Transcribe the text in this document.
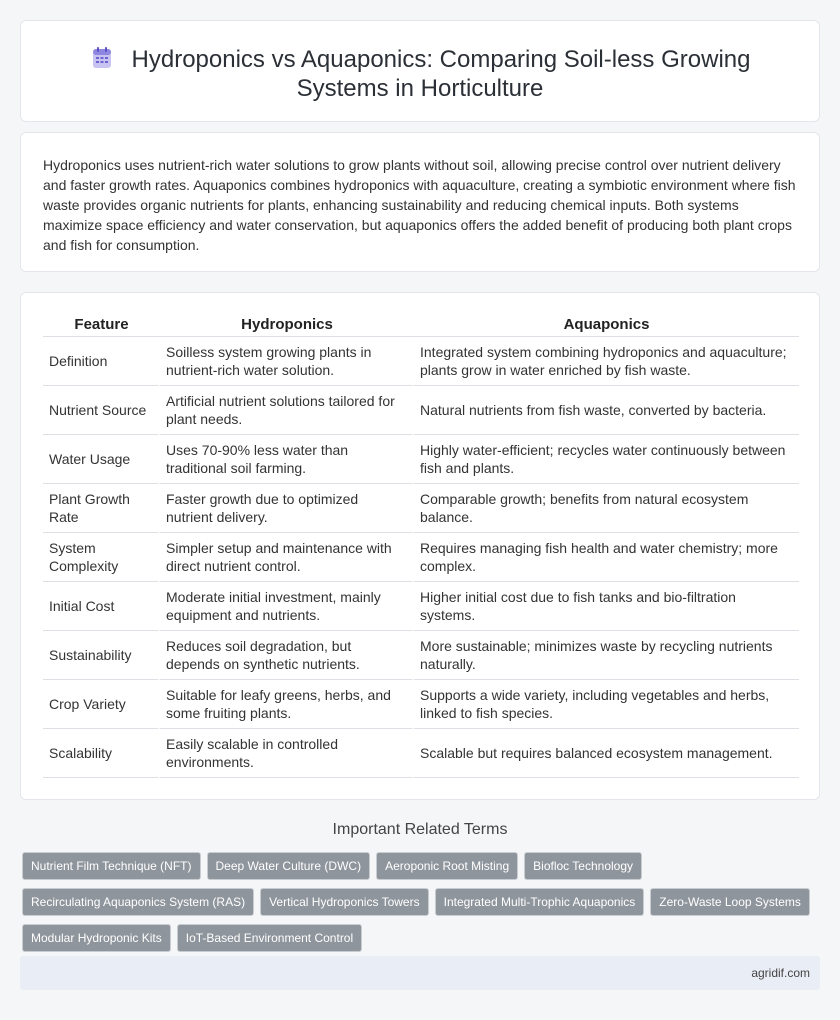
Hydroponics vs Aquaponics: Comparing Soil-less Growing Systems in Horticulture

Hydroponics uses nutrient-rich water solutions to grow plants without soil, allowing precise control over nutrient delivery and faster growth rates. Aquaponics combines hydroponics with aquaculture, creating a symbiotic environment where fish waste provides organic nutrients for plants, enhancing sustainability and reducing chemical inputs. Both systems maximize space efficiency and water conservation, but aquaponics offers the added benefit of producing both plant crops and fish for consumption.

Feature	Hydroponics	Aquaponics
Definition	Soilless system growing plants in nutrient-rich water solution.	Integrated system combining hydroponics and aquaculture; plants grow in water enriched by fish waste.
Nutrient Source	Artificial nutrient solutions tailored for plant needs.	Natural nutrients from fish waste, converted by bacteria.
Water Usage	Uses 70-90% less water than traditional soil farming.	Highly water-efficient; recycles water continuously between fish and plants.
Plant Growth Rate	Faster growth due to optimized nutrient delivery.	Comparable growth; benefits from natural ecosystem balance.
System Complexity	Simpler setup and maintenance with direct nutrient control.	Requires managing fish health and water chemistry; more complex.
Initial Cost	Moderate initial investment, mainly equipment and nutrients.	Higher initial cost due to fish tanks and bio-filtration systems.
Sustainability	Reduces soil degradation, but depends on synthetic nutrients.	More sustainable; minimizes waste by recycling nutrients naturally.
Crop Variety	Suitable for leafy greens, herbs, and some fruiting plants.	Supports a wide variety, including vegetables and herbs, linked to fish species.
Scalability	Easily scalable in controlled environments.	Scalable but requires balanced ecosystem management.
Important Related Terms
Nutrient Film Technique (NFT) Deep Water Culture (DWC) Aeroponic Root Misting Biofloc TechnologyRecirculating Aquaponics System (RAS) Vertical Hydroponics Towers Integrated Multi-Trophic Aquaponics Zero-Waste Loop SystemsModular Hydroponic Kits IoT-Based Environment Control
agridif.com
